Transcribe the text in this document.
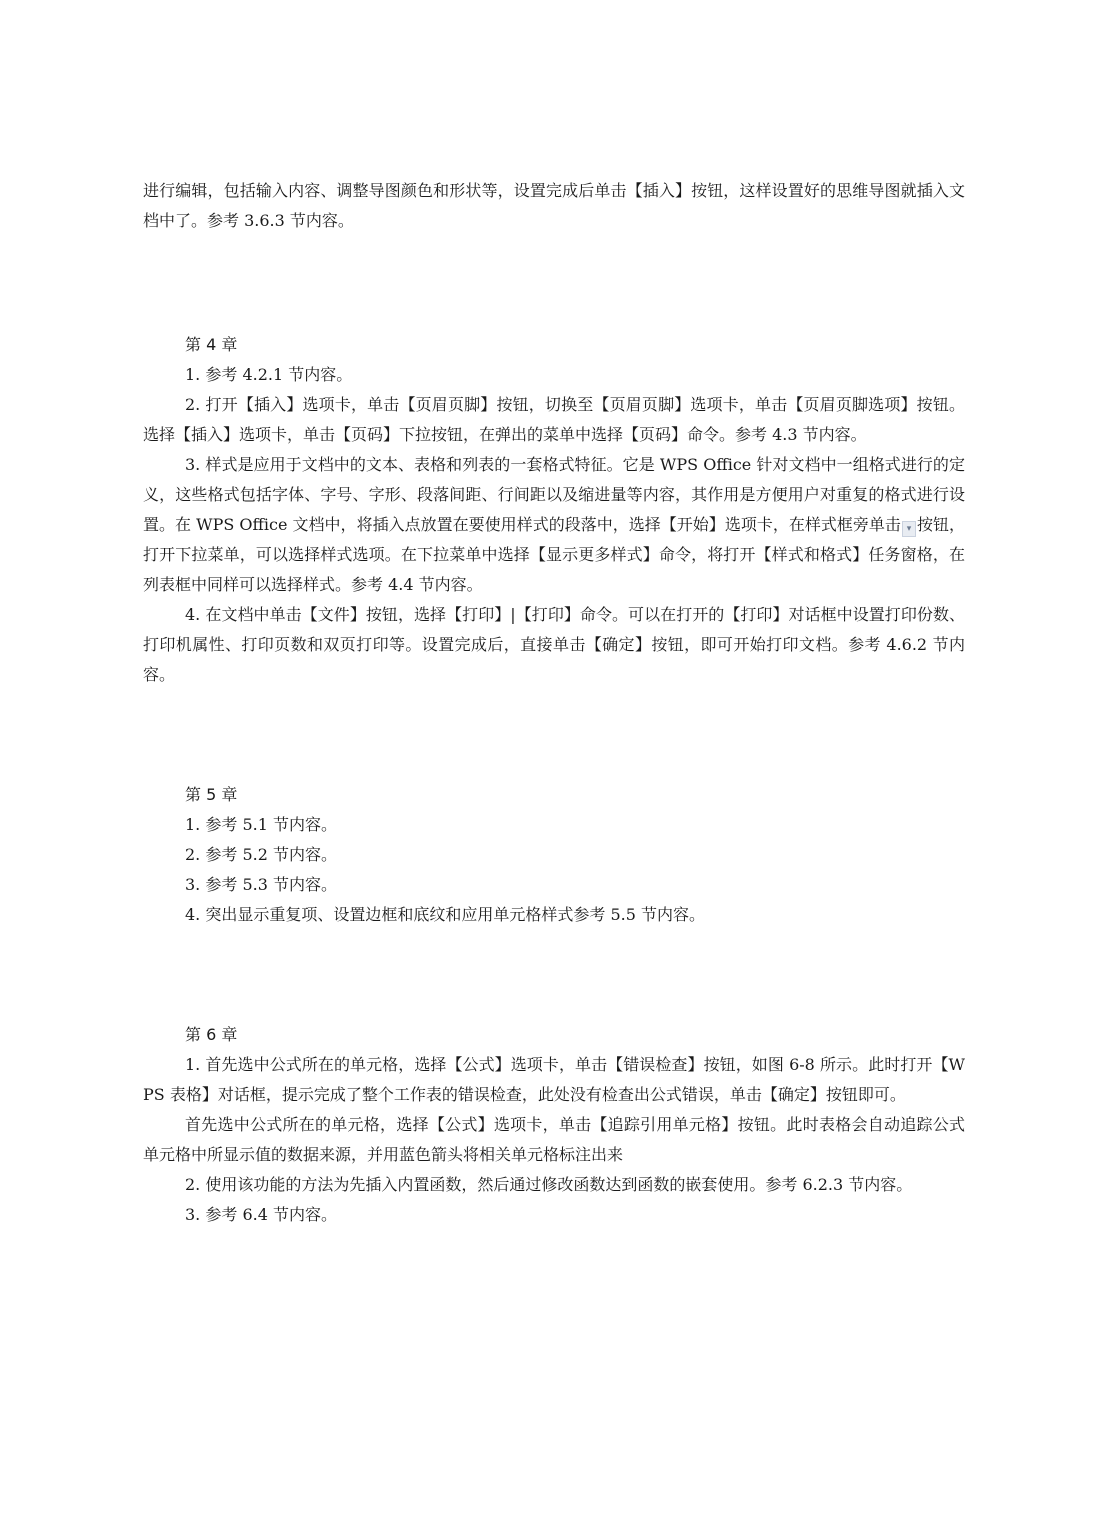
进行编辑，包括输入内容、调整导图颜色和形状等，设置完成后单击【插入】按钮，这样设置好的思维导图就插入文档中了。参考 3.6.3 节内容。

第 4 章

1. 参考 4.2.1 节内容。

2. 打开【插入】选项卡，单击【页眉页脚】按钮，切换至【页眉页脚】选项卡，单击【页眉页脚选项】按钮。选择【插入】选项卡，单击【页码】下拉按钮，在弹出的菜单中选择【页码】命令。参考 4.3 节内容。

3. 样式是应用于文档中的文本、表格和列表的一套格式特征。它是 WPS Office 针对文档中一组格式进行的定义，这些格式包括字体、字号、字形、段落间距、行间距以及缩进量等内容，其作用是方便用户对重复的格式进行设置。在 WPS Office 文档中，将插入点放置在要使用样式的段落中，选择【开始】选项卡，在样式框旁单击 ▾ 按钮，打开下拉菜单，可以选择样式选项。在下拉菜单中选择【显示更多样式】命令，将打开【样式和格式】任务窗格，在列表框中同样可以选择样式。参考 4.4 节内容。

4. 在文档中单击【文件】按钮，选择【打印】|【打印】命令。可以在打开的【打印】对话框中设置打印份数、打印机属性、打印页数和双页打印等。设置完成后，直接单击【确定】按钮，即可开始打印文档。参考 4.6.2 节内容。

第 5 章

1. 参考 5.1 节内容。

2. 参考 5.2 节内容。

3. 参考 5.3 节内容。

4. 突出显示重复项、设置边框和底纹和应用单元格样式参考 5.5 节内容。

第 6 章

1. 首先选中公式所在的单元格，选择【公式】选项卡，单击【错误检查】按钮，如图 6-8 所示。此时打开【WPS 表格】对话框，提示完成了整个工作表的错误检查，此处没有检查出公式错误，单击【确定】按钮即可。

首先选中公式所在的单元格，选择【公式】选项卡，单击【追踪引用单元格】按钮。此时表格会自动追踪公式单元格中所显示值的数据来源，并用蓝色箭头将相关单元格标注出来

2. 使用该功能的方法为先插入内置函数，然后通过修改函数达到函数的嵌套使用。参考 6.2.3 节内容。

3. 参考 6.4 节内容。
